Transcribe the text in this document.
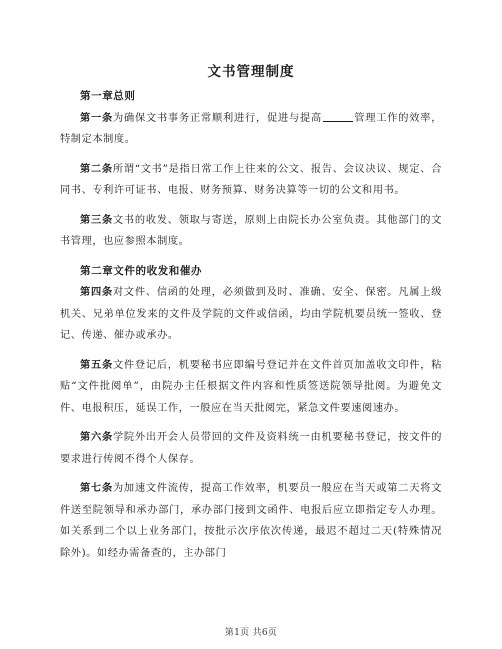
文书管理制度

第一章总则

第一条为确保文书事务正常顺利进行，促进与提高	管理工作的效率，特制定本制度。

第二条所谓“文书”是指日常工作上往来的公文、报告、会议决议、规定、合同书、专利许可证书、电报、财务预算、财务决算等一切的公文和用书。

第三条文书的收发、领取与寄送，原则上由院长办公室负责。其他部门的文书管理，也应参照本制度。

第二章文件的收发和催办

第四条对文件、信函的处理，必须做到及时、准确、安全、保密。凡属上级机关、兄弟单位发来的文件及学院的文件或信函，均由学院机要员统一签收、登记、传递、催办或承办。

第五条文件登记后，机要秘书应即编号登记并在文件首页加盖收文印件，粘贴“文件批阅单”，由院办主任根据文件内容和性质签送院领导批阅。为避免文件、电报积压，延误工作，一般应在当天批阅完，紧急文件要速阅速办。

第六条学院外出开会人员带回的文件及资料统一由机要秘书登记，按文件的要求进行传阅不得个人保存。

第七条为加速文件流传，提高工作效率，机要员一般应在当天或第二天将文件送至院领导和承办部门，承办部门接到文函件、电报后应立即指定专人办理。如关系到二个以上业务部门，按批示次序依次传递，最迟不超过二天(特殊情况除外)。如经办需备查的，主办部门

第1页 共6页
